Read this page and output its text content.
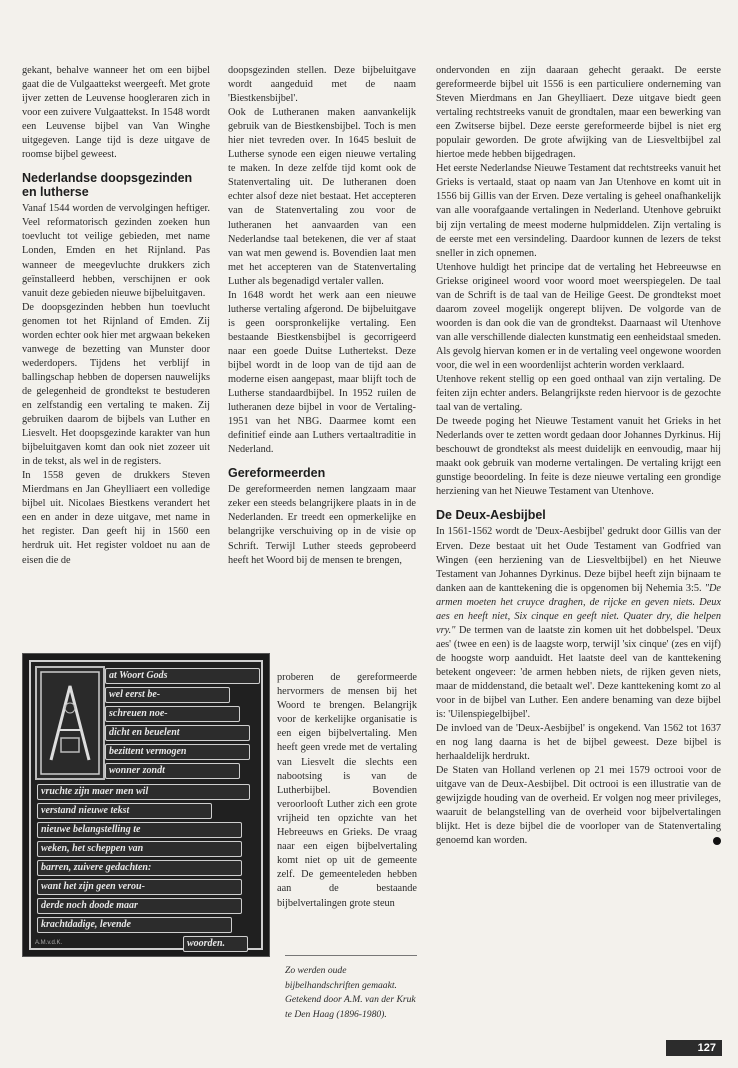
gekant, behalve wanneer het om een bijbel gaat die de Vulgaattekst weergeeft. Met grote ijver zetten de Leuvense hoogleraren zich in voor een zuivere Vulgaattekst. In 1548 wordt een Leuvense bijbel van Van Winghe uitgegeven. Lange tijd is deze uitgave de roomse bijbel geweest.

Nederlandse doopsgezinden en lutherse

Vanaf 1544 worden de vervolgingen heftiger. Veel reformatorisch gezinden zoeken hun toevlucht tot veilige gebieden, met name Londen, Emden en het Rijnland. Pas wanneer de meegevluchte drukkers zich geïnstalleerd hebben, verschijnen er ook vanuit deze gebieden nieuwe bijbeluitgaven.

De doopsgezinden hebben hun toevlucht genomen tot het Rijnland of Emden. Zij worden echter ook hier met argwaan bekeken vanwege de bezetting van Munster door wederdopers. Tijdens het verblijf in ballingschap hebben de dopersen nauwelijks de gelegenheid de grondtekst te bestuderen en zelfstandig een vertaling te maken. Zij gebruiken daarom de bijbels van Luther en Liesvelt. Het doopsgezinde karakter van hun bijbeluitgaven komt dan ook niet zozeer uit in de tekst, als wel in de registers.

In 1558 geven de drukkers Steven Mierdmans en Jan Gheylliaert een volledige bijbel uit. Nicolaes Biestkens verandert het een en ander in deze uitgave, met name in het register. Dan geeft hij in 1560 een herdruk uit. Het register voldoet nu aan de eisen die de

doopsgezinden stellen. Deze bijbeluitgave wordt aangeduid met de naam 'Biestkensbijbel'.

Ook de Lutheranen maken aanvankelijk gebruik van de Biestkensbijbel. Toch is men hier niet tevreden over. In 1645 besluit de Lutherse synode een eigen nieuwe vertaling te maken. In deze zelfde tijd komt ook de Statenvertaling uit. De lutheranen doen echter alsof deze niet bestaat. Het accepteren van de Statenvertaling zou voor de lutheranen het aanvaarden van een Nederlandse taal betekenen, die ver af staat van wat men gewend is. Bovendien laat men met het accepteren van de Statenvertaling Luther als begenadigd vertaler vallen.

In 1648 wordt het werk aan een nieuwe lutherse vertaling afgerond. De bijbeluitgave is geen oorspronkelijke vertaling. Een bestaande Biestkensbijbel is gecorrigeerd naar een goede Duitse Luthertekst. Deze bijbel wordt in de loop van de tijd aan de moderne eisen aangepast, maar blijft toch de Lutherse standaardbijbel. In 1952 ruilen de lutheranen deze bijbel in voor de Vertaling-1951 van het NBG. Daarmee komt een definitief einde aan Luthers vertaaltraditie in Nederland.

Gereformeerden

De gereformeerden nemen langzaam maar zeker een steeds belangrijkere plaats in in de Nederlanden. Er treedt een opmerkelijke en belangrijke verschuiving op in de visie op Schrift. Terwijl Luther steeds geprobeerd heeft het Woord bij de mensen te brengen,

proberen de gereformeerde hervormers de mensen bij het Woord te brengen. Belangrijk voor de kerkelijke organisatie is een eigen bijbelvertaling. Men heeft geen vrede met de vertaling van Liesvelt die slechts een nabootsing is van de Lutherbijbel. Bovendien veroorlooft Luther zich een grote vrijheid ten opzichte van het Hebreeuws en Grieks. De vraag naar een eigen bijbelvertaling komt niet op uit de gemeente zelf. De gemeenteleden hebben aan de bestaande bijbelvertalingen grote steun
at Woort Gods
wel eerst be-
schreuen noe-
dicht en beuelent
bezittent vermogen
wonner zondt
vruchte zijn maer men wil
verstand nieuwe tekst
nieuwe belangstelling te
weken, het scheppen van
barren, zuivere gedachten:
want het zijn geen verou-
derde noch doode maar
krachtdadige, levende
woorden.
A.M.v.d.K.
Zo werden oude bijbelhandschriften gemaakt. Getekend door A.M. van der Kruk te Den Haag (1896-1980).

ondervonden en zijn daaraan gehecht geraakt. De eerste gereformeerde bijbel uit 1556 is een particuliere onderneming van Steven Mierdmans en Jan Gheylliaert. Deze uitgave biedt geen vertaling rechtstreeks vanuit de grondtalen, maar een bewerking van een Zwitserse bijbel. Deze eerste gereformeerde bijbel is niet erg populair geworden. De grote afwijking van de Liesveltbijbel zal hiertoe mede hebben bijgedragen.

Het eerste Nederlandse Nieuwe Testament dat rechtstreeks vanuit het Grieks is vertaald, staat op naam van Jan Utenhove en komt uit in 1556 bij Gillis van der Erven. Deze vertaling is geheel onafhankelijk van alle voorafgaande vertalingen in Nederland. Utenhove gebruikt bij zijn vertaling de meest moderne hulpmiddelen. Zijn vertaling is de eerste met een versindeling. Daardoor kunnen de lezers de tekst sneller in zich opnemen.

Utenhove huldigt het principe dat de vertaling het Hebreeuwse en Griekse origineel woord voor woord moet weerspiegelen. De taal van de Schrift is de taal van de Heilige Geest. De grondtekst moet daarom zoveel mogelijk ongerept blijven. De volgorde van de woorden is dan ook die van de grondtekst. Daarnaast wil Utenhove van alle verschillende dialecten kunstmatig een eenheidstaal smeden. Als gevolg hiervan komen er in de vertaling veel ongewone woorden voor, die wel in een woordenlijst achterin worden verklaard.

Utenhove rekent stellig op een goed onthaal van zijn vertaling. De feiten zijn echter anders. Belangrijkste reden hiervoor is de gezochte taal van de vertaling.

De tweede poging het Nieuwe Testament vanuit het Grieks in het Nederlands over te zetten wordt gedaan door Johannes Dyrkinus. Hij beschouwt de grondtekst als meest duidelijk en eenvoudig, maar hij maakt ook gebruik van moderne vertalingen. De vertaling krijgt een gunstige beoordeling. In feite is deze nieuwe vertaling een grondige herziening van het Nieuwe Testament van Utenhove.

De Deux-Aesbijbel

In 1561-1562 wordt de 'Deux-Aesbijbel' gedrukt door Gillis van der Erven. Deze bestaat uit het Oude Testament van Godfried van Wingen (een herziening van de Liesveltbijbel) en het Nieuwe Testament van Johannes Dyrkinus. Deze bijbel heeft zijn bijnaam te danken aan de kanttekening die is opgenomen bij Nehemia 3:5. "De armen moeten het cruyce draghen, de rijcke en geven niets. Deux aes en heeft niet, Six cinque en geeft niet. Quater dry, die helpen vry." De termen van de laatste zin komen uit het dobbelspel. 'Deux aes' (twee en een) is de laagste worp, terwijl 'six cinque' (zes en vijf) de hoogste worp aanduidt. Het laatste deel van de kanttekening betekent ongeveer: 'de armen hebben niets, de rijken geven niets, maar de middenstand, die betaalt wel'. Deze kanttekening komt zo al voor in de bijbel van Luther. Een andere benaming van deze bijbel is: 'Uilenspiegelbijbel'.

De invloed van de 'Deux-Aesbijbel' is ongekend. Van 1562 tot 1637 en nog lang daarna is het de bijbel geweest. Deze bijbel is herhaaldelijk herdrukt.

De Staten van Holland verlenen op 21 mei 1579 octrooi voor de uitgave van de Deux-Aesbijbel. Dit octrooi is een illustratie van de gewijzigde houding van de overheid. Er volgen nog meer privileges, waaruit de belangstelling van de overheid voor bijbelvertalingen blijkt. Het is deze bijbel die de voorloper van de Statenvertaling genoemd kan worden.

127
